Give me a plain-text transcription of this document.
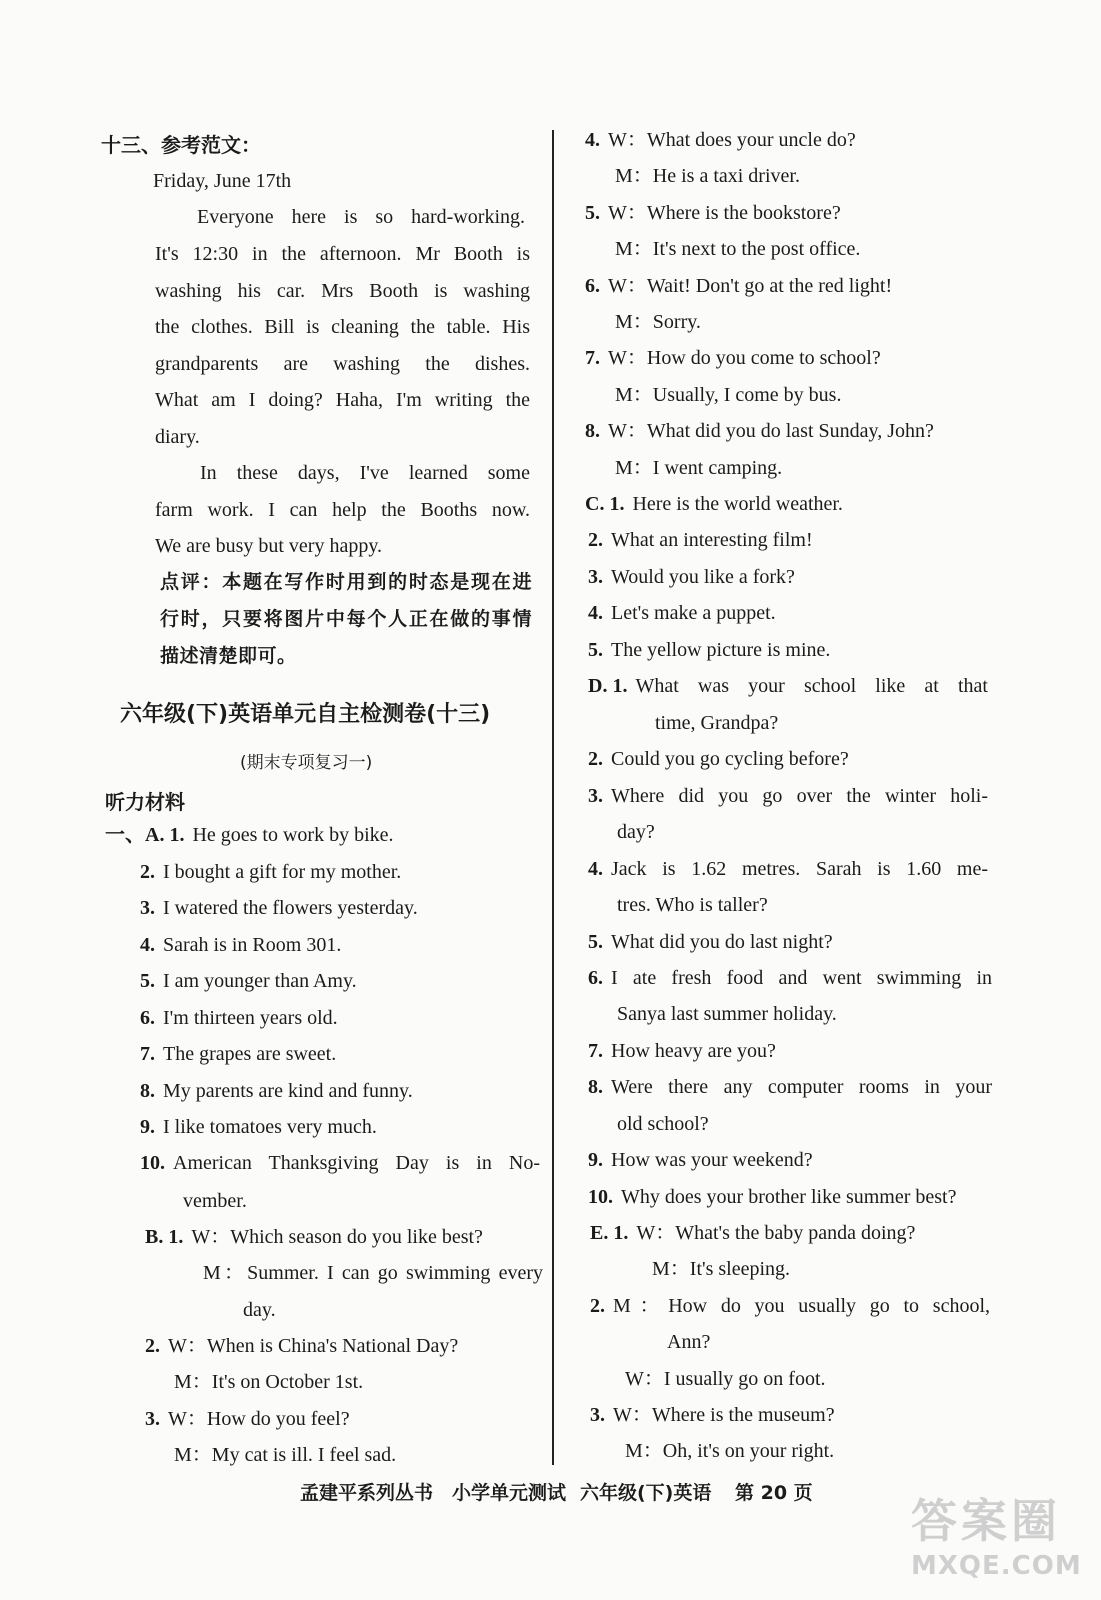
十三、参考范文：
Friday, June 17th
Everyone here is so hard-working.
It's 12:30 in the afternoon. Mr Booth is
washing his car. Mrs Booth is washing
the clothes. Bill is cleaning the table. His
grandparents are washing the dishes.
What am I doing? Haha, I'm writing the
diary.
In these days, I've learned some
farm work. I can help the Booths now.
We are busy but very happy.
点评：本题在写作时用到的时态是现在进
行时，只要将图片中每个人正在做的事情
描述清楚即可。
六年级(下)英语单元自主检测卷(十三)
(期末专项复习一)
听力材料
一、A. 1. He goes to work by bike.
2. I bought a gift for my mother.
3. I watered the flowers yesterday.
4. Sarah is in Room 301.
5. I am younger than Amy.
6. I'm thirteen years old.
7. The grapes are sweet.
8. My parents are kind and funny.
9. I like tomatoes very much.
10. American Thanksgiving Day is in No-
vember.
B. 1. W：Which season do you like best?
M：Summer. I can go swimming every
day.
2. W：When is China's National Day?
M：It's on October 1st.
3. W：How do you feel?
M：My cat is ill. I feel sad.
4. W：What does your uncle do?
M：He is a taxi driver.
5. W：Where is the bookstore?
M：It's next to the post office.
6. W：Wait! Don't go at the red light!
M：Sorry.
7. W：How do you come to school?
M：Usually, I come by bus.
8. W：What did you do last Sunday, John?
M：I went camping.
C. 1. Here is the world weather.
2. What an interesting film!
3. Would you like a fork?
4. Let's make a puppet.
5. The yellow picture is mine.
D. 1. What was your school like at that
time, Grandpa?
2. Could you go cycling before?
3. Where did you go over the winter holi-
day?
4. Jack is 1.62 metres. Sarah is 1.60 me-
tres. Who is taller?
5. What did you do last night?
6. I ate fresh food and went swimming in
Sanya last summer holiday.
7. How heavy are you?
8. Were there any computer rooms in your
old school?
9. How was your weekend?
10. Why does your brother like summer best?
E. 1. W：What's the baby panda doing?
M：It's sleeping.
2. M：How do you usually go to school,
Ann?
W：I usually go on foot.
3. W：Where is the museum?
M：Oh, it's on your right.
孟建平系列丛书 小学单元测试 六年级(下)英语 第 20 页
答案圈
MXQE.COM
